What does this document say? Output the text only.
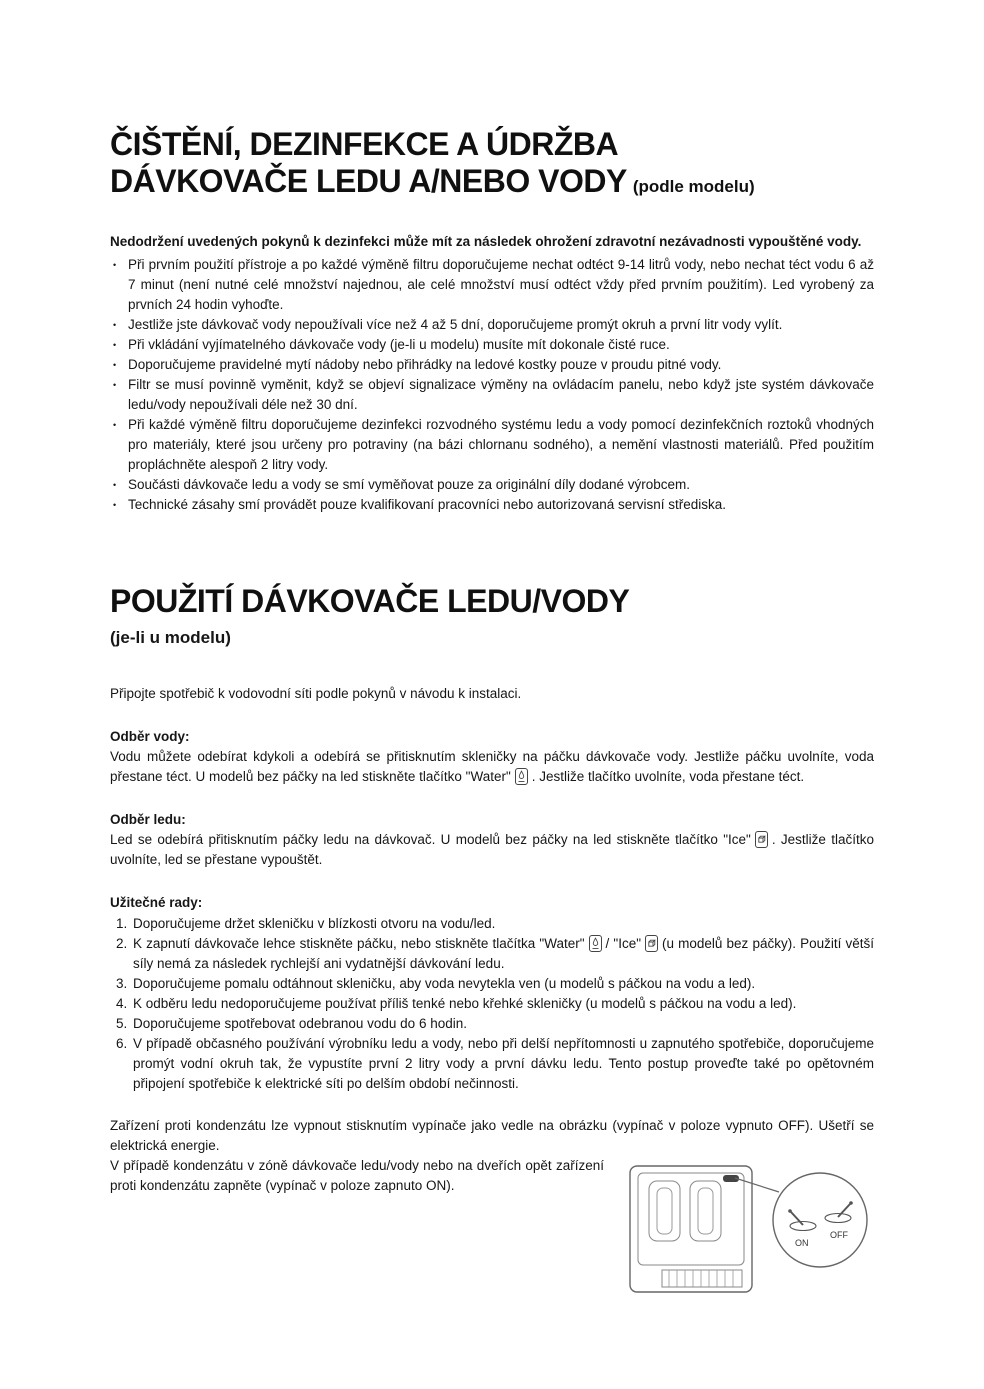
ČIŠTĚNÍ, DEZINFEKCE A ÚDRŽBA
DÁVKOVAČE LEDU A/NEBO VODY (podle modelu)

Nedodržení uvedených pokynů k dezinfekci může mít za následek ohrožení zdravotní nezávadnosti vypouštěné vody.

• Při prvním použití přístroje a po každé výměně filtru doporučujeme nechat odtéct 9-14 litrů vody, nebo nechat téct vodu 6 až 7 minut (není nutné celé množství najednou, ale celé množství musí odtéct vždy před prvním použitím). Led vyrobený za prvních 24 hodin vyhoďte.
• Jestliže jste dávkovač vody nepoužívali více než 4 až 5 dní, doporučujeme promýt okruh a první litr vody vylít.
• Při vkládání vyjímatelného dávkovače vody (je-li u modelu) musíte mít dokonale čisté ruce.
• Doporučujeme pravidelné mytí nádoby nebo přihrádky na ledové kostky pouze v proudu pitné vody.
• Filtr se musí povinně vyměnit, když se objeví signalizace výměny na ovládacím panelu, nebo když jste systém dávkovače ledu/vody nepoužívali déle než 30 dní.
• Při každé výměně filtru doporučujeme dezinfekci rozvodného systému ledu a vody pomocí dezinfekčních roztoků vhodných pro materiály, které jsou určeny pro potraviny (na bázi chlornanu sodného), a nemění vlastnosti materiálů. Před použitím propláchněte alespoň 2 litry vody.
• Součásti dávkovače ledu a vody se smí vyměňovat pouze za originální díly dodané výrobcem.
• Technické zásahy smí provádět pouze kvalifikovaní pracovníci nebo autorizovaná servisní střediska.
POUŽITÍ DÁVKOVAČE LEDU/VODY

(je-li u modelu)

Připojte spotřebič k vodovodní síti podle pokynů v návodu k instalaci.

Odběr vody:

Vodu můžete odebírat kdykoli a odebírá se přitisknutím skleničky na páčku dávkovače vody. Jestliže páčku uvolníte, voda přestane téct. U modelů bez páčky na led stiskněte tlačítko "Water" . Jestliže tlačítko uvolníte, voda přestane téct.

Odběr ledu:

Led se odebírá přitisknutím páčky ledu na dávkovač. U modelů bez páčky na led stiskněte tlačítko "Ice" . Jestliže tlačítko uvolníte, led se přestane vypouštět.

Užitečné rady:
1. Doporučujeme držet skleničku v blízkosti otvoru na vodu/led.
2. K zapnutí dávkovače lehce stiskněte páčku, nebo stiskněte tlačítka "Water" / "Ice" (u modelů bez páčky). Použití větší síly nemá za následek rychlejší ani vydatnější dávkování ledu.
3. Doporučujeme pomalu odtáhnout skleničku, aby voda nevytekla ven (u modelů s páčkou na vodu a led).
4. K odběru ledu nedoporučujeme používat příliš tenké nebo křehké skleničky (u modelů s páčkou na vodu a led).
5. Doporučujeme spotřebovat odebranou vodu do 6 hodin.
6. V případě občasného používání výrobníku ledu a vody, nebo při delší nepřítomnosti u zapnutého spotřebiče, doporučujeme promýt vodní okruh tak, že vypustíte první 2 litry vody a první dávku ledu. Tento postup proveďte také po opětovném připojení spotřebiče k elektrické síti po delším období nečinnosti.

Zařízení proti kondenzátu lze vypnout stisknutím vypínače jako vedle na obrázku (vypínač v poloze vypnuto OFF). Ušetří se elektrická energie.

ON
OFF

V případě kondenzátu v zóně dávkovače ledu/vody nebo na dveřích opět zařízení proti kondenzátu zapněte (vypínač v poloze zapnuto ON).
